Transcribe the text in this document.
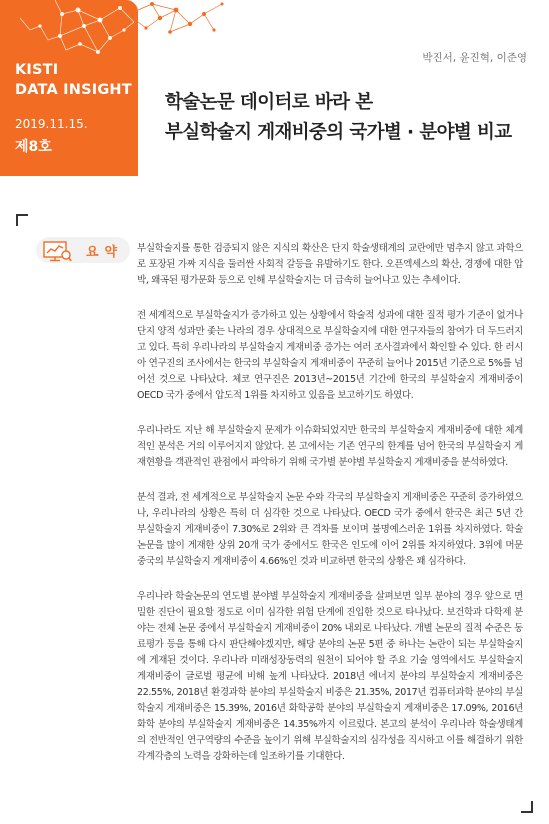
KISTI
DATA INSIGHT
2019.11.15.
제8호
박진서, 윤진혁, 이준영
학술논문 데이터로 바라 본
부실학술지 게재비중의 국가별 · 분야별 비교
요약 부실학술지를 통한 검증되지 않은 지식의 확산은 단지 학술생태계의 교란에만 멈추지 않고 과학으로 포장된 가짜 지식을 둘러싼 사회적 갈등을 유발하기도 한다. 오픈엑세스의 확산, 경쟁에 대한 압박, 왜곡된 평가문화 등으로 인해 부실학술지는 더 급속히 늘어나고 있는 추세이다.

전 세계적으로 부실학술지가 증가하고 있는 상황에서 학술적 성과에 대한 질적 평가 기준이 없거나 단지 양적 성과만 좇는 나라의 경우 상대적으로 부실학술지에 대한 연구자들의 참여가 더 두드러지고 있다. 특히 우리나라의 부실학술지 게재비중 증가는 여러 조사결과에서 확인할 수 있다. 한 러시아 연구진의 조사에서는 한국의 부실학술지 게재비중이 꾸준히 늘어나 2015년 기준으로 5%를 넘어선 것으로 나타났다. 체코 연구진은 2013년~2015년 기간에 한국의 부실학술지 게재비중이 OECD 국가 중에서 압도적 1위를 차지하고 있음을 보고하기도 하였다.

우리나라도 지난 해 부실학술지 문제가 이슈화되었지만 한국의 부실학술지 게재비중에 대한 체계적인 분석은 거의 이루어지지 않았다. 본 고에서는 기존 연구의 한계를 넘어 한국의 부실학술지 게재현황을 객관적인 관점에서 파악하기 위해 국가별 분야별 부실학술지 게재비중을 분석하였다.

분석 결과, 전 세계적으로 부실학술지 논문 수와 각국의 부실학술지 게재비중은 꾸준히 증가하였으나, 우리나라의 상황은 특히 더 심각한 것으로 나타났다. OECD 국가 중에서 한국은 최근 5년 간 부실학술지 게재비중이 7.30%로 2위와 큰 격차를 보이며 불명예스러운 1위를 차지하였다. 학술논문을 많이 게재한 상위 20개 국가 중에서도 한국은 인도에 이어 2위를 차지하였다. 3위에 머문 중국의 부실학술지 게재비중이 4.66%인 것과 비교하면 한국의 상황은 꽤 심각하다.

우리나라 학술논문의 연도별 분야별 부실학술지 게재비중을 살펴보면 일부 분야의 경우 앞으로 면밀한 진단이 필요할 정도로 이미 심각한 위험 단계에 진입한 것으로 타나났다. 보건학과 다학제 분야는 전체 논문 중에서 부실학술지 게재비중이 20% 내외로 나타났다. 개별 논문의 질적 수준은 동료평가 등을 통해 다시 판단해야겠지만, 해당 분야의 논문 5편 중 하나는 논란이 되는 부실학술지에 게재된 것이다. 우리나라 미래성장동력의 원천이 되어야 할 주요 기술 영역에서도 부실학술지 게재비중이 글로벌 평균에 비해 높게 나타났다. 2018년 에너지 분야의 부실학술지 게재비중은 22.55%, 2018년 환경과학 분야의 부실학술지 비중은 21.35%, 2017년 컴퓨터과학 분야의 부실학술지 게재비중은 15.39%, 2016년 화학공학 분야의 부실학술지 게재비중은 17.09%, 2016년 화학 분야의 부실학술지 게재비중은 14.35%까지 이르렀다. 본고의 분석이 우리나라 학술생태계의 전반적인 연구역량의 수준을 높이기 위해 부실학술지의 심각성을 직시하고 이를 해결하기 위한 각계각층의 노력을 강화하는데 일조하기를 기대한다.
